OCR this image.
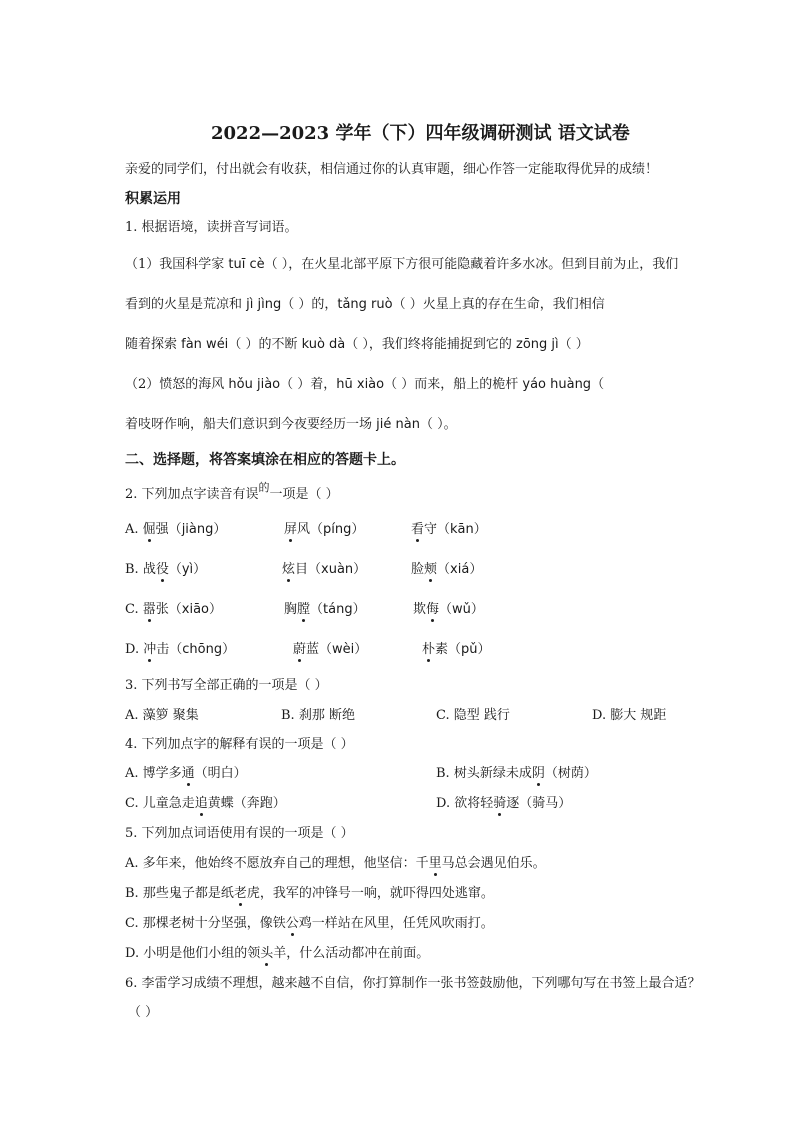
2022—2023 学年（下）四年级调研测试 语文试卷
亲爱的同学们，付出就会有收获，相信通过你的认真审题，细心作答一定能取得优异的成绩！
积累运用
1. 根据语境，读拼音写词语。
（1）我国科学家 tuī cè（ ），在火星北部平原下方很可能隐藏着许多水冰。但到目前为止，我们
看到的火星是荒凉和 jì jìng（ ）的，tǎng ruò（ ）火星上真的存在生命，我们相信
随着探索 fàn wéi（ ）的不断 kuò dà（ ），我们终将能捕捉到它的 zōng jì（ ）
（2）愤怒的海风 hǒu jiào（ ）着，hū xiào（ ）而来，船上的桅杆 yáo huàng（
着吱呀作响，船夫们意识到今夜要经历一场 jié nàn（ ）。
二、选择题，将答案填涂在相应的答题卡上。
2. 下列加点字读音有误$^的$一项是（ ）
A. 倔强（jiàng）	屏风（píng）	看守（kān）
B. 战役（yì）	炫目（xuàn）	脸颊（xiá）
C. 嚣张（xiāo）	胸膛（táng）	欺侮（wǔ）
D. 冲击（chōng）	蔚蓝（wèi）	朴素（pǔ）
3. 下列书写全部正确的一项是（ ）
A. 藻箩 聚集	B. 刹那 断绝	C. 隐型 践行	D. 膨大 规距
4. 下列加点字的解释有误的一项是（ ）
A. 博学多通（明白）	B. 树头新绿未成阴（树荫）
C. 儿童急走追黄蝶（奔跑）	D. 欲将轻骑逐（骑马）
5. 下列加点词语使用有误的一项是（ ）
A. 多年来，他始终不愿放弃自己的理想，他坚信：千里马总会遇见伯乐。
B. 那些鬼子都是纸老虎，我军的冲锋号一响，就吓得四处逃窜。
C. 那棵老树十分坚强，像铁公鸡一样站在风里，任凭风吹雨打。
D. 小明是他们小组的领头羊，什么活动都冲在前面。
6. 李雷学习成绩不理想，越来越不自信，你打算制作一张书签鼓励他，下列哪句写在书签上最合适？
（ ）
